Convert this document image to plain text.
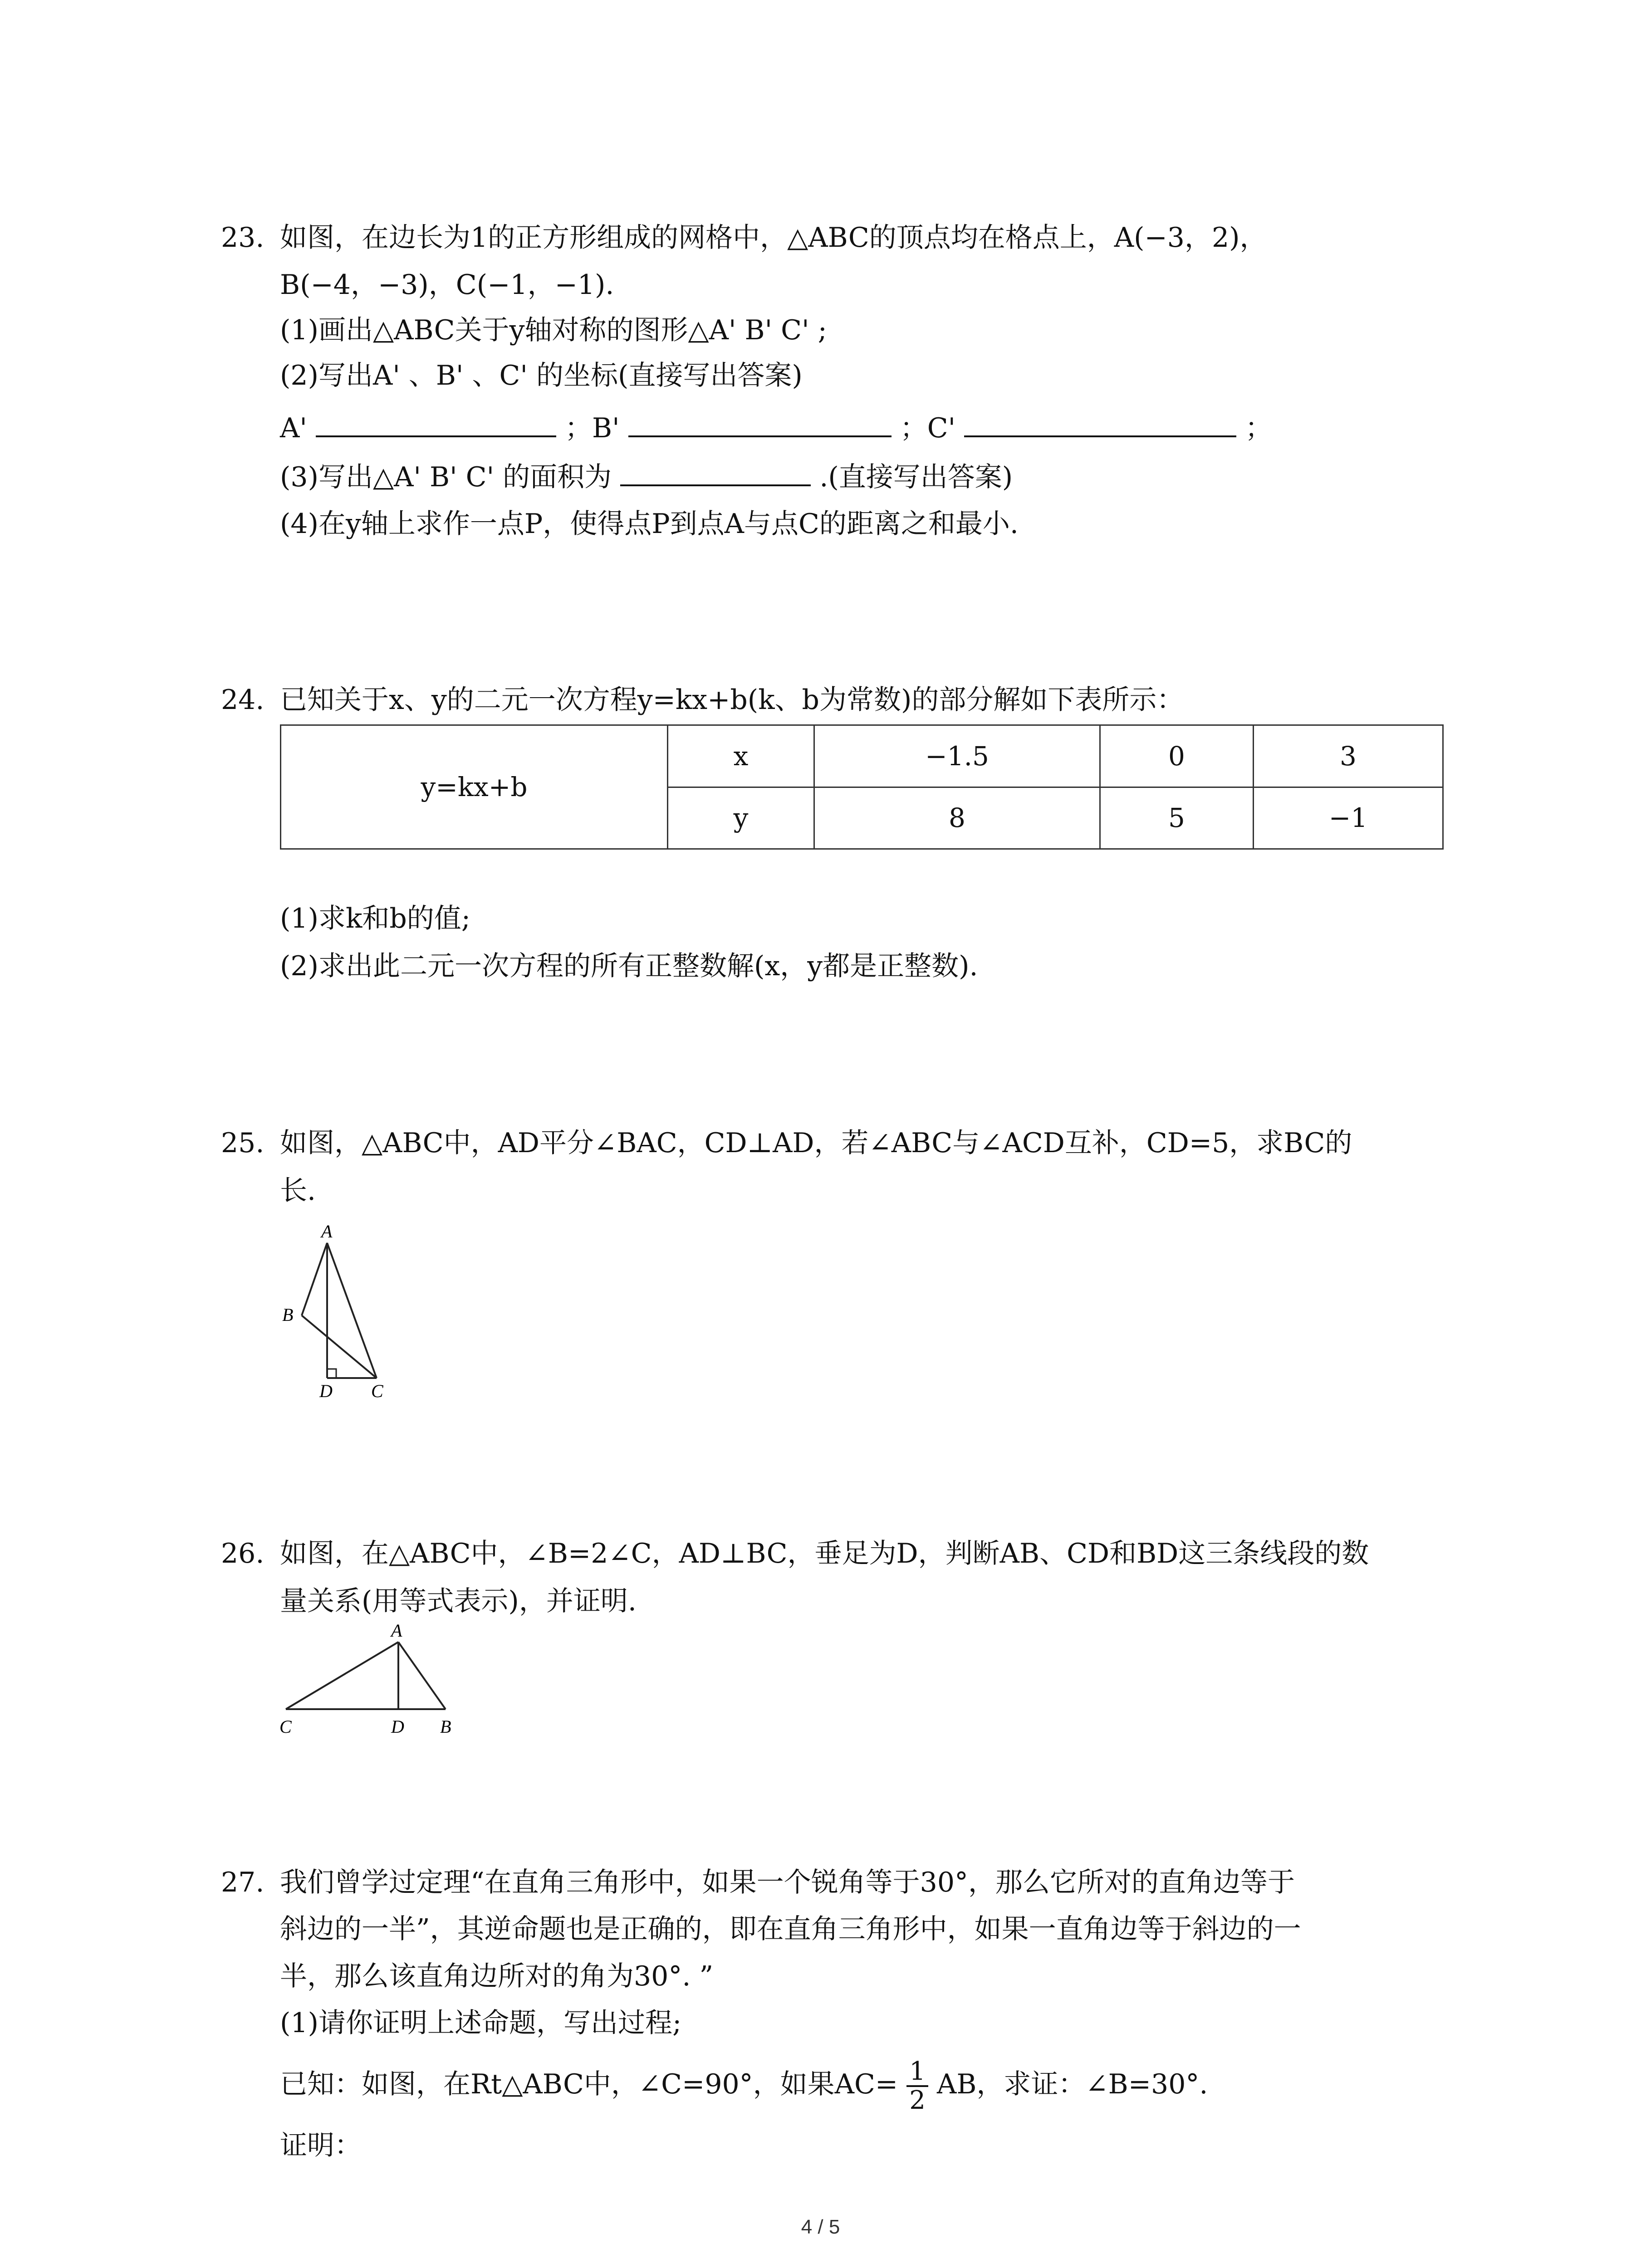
23. 如图，在边长为1的正方形组成的网格中，△ABC的顶点均在格点上，A(−3，2)，
B(−4，−3)，C(−1，−1).
(1)画出△ABC关于y轴对称的图形△A' B' C' ;
(2)写出A' 、B' 、C' 的坐标(直接写出答案)
A'	；B'	；C'	；
(3)写出△A' B' C' 的面积为	.(直接写出答案)
(4)在y轴上求作一点P，使得点P到点A与点C的距离之和最小.
24. 已知关于x、y的二元一次方程y=kx+b(k、b为常数)的部分解如下表所示：
y=kx+b	x	−1.5	0	3
	y	8	5	−1
(1)求k和b的值;
(2)求出此二元一次方程的所有正整数解(x，y都是正整数).
25. 如图，△ABC中，AD平分∠BAC，CD⊥AD，若∠ABC与∠ACD互补，CD=5，求BC的
长.
A
B
D C
26. 如图，在△ABC中，∠B=2∠C，AD⊥BC，垂足为D，判断AB、CD和BD这三条线段的数
量关系(用等式表示)，并证明.
A
C	D B
27. 我们曾学过定理“在直角三角形中，如果一个锐角等于30°，那么它所对的直角边等于
斜边的一半”，其逆命题也是正确的，即在直角三角形中，如果一直角边等于斜边的一
半，那么该直角边所对的角为30°. ”
(1)请你证明上述命题，写出过程;
已知：如图，在Rt△ABC中，∠C=90°，如果$AC= \frac{1}{2}$ AB，求证：∠B=30°.
证明：
4 / 5
